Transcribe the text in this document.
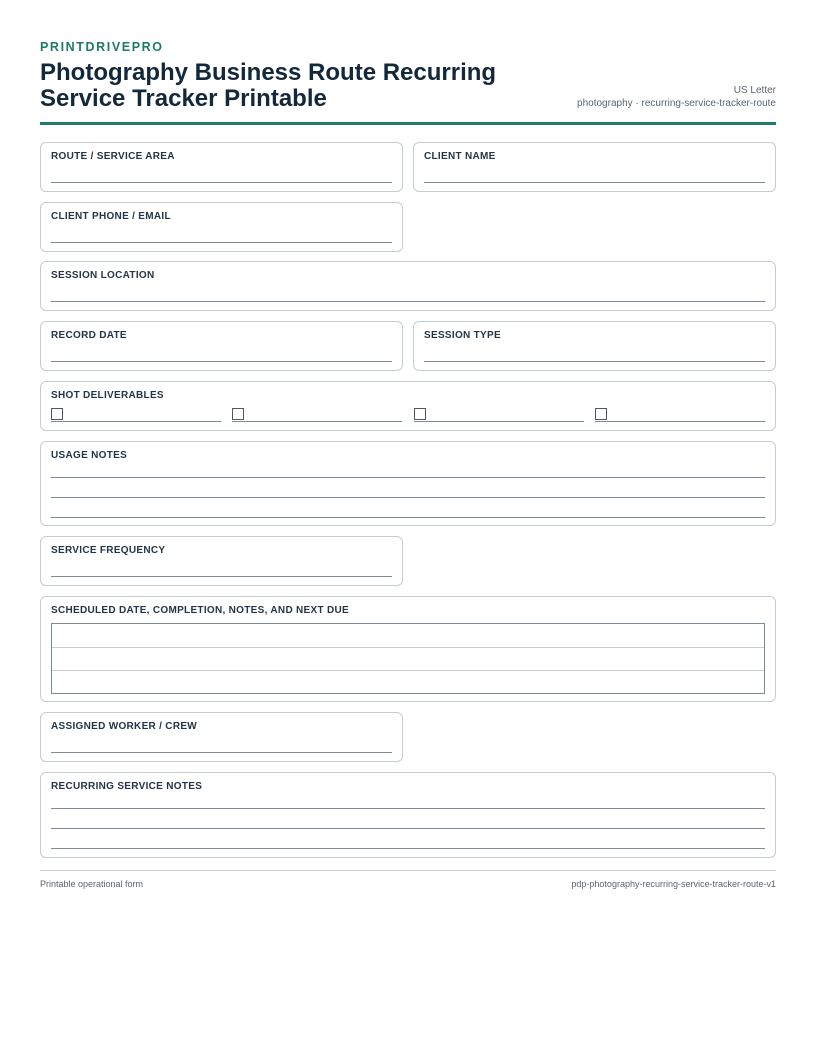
PRINTDRIVEPRO
Photography Business Route Recurring Service Tracker Printable	US Letter
photography · recurring-service-tracker-route
ROUTE / SERVICE AREA	CLIENT NAME
CLIENT PHONE / EMAIL
SESSION LOCATION
RECORD DATE	SESSION TYPE
SHOT DELIVERABLES
USAGE NOTES
SERVICE FREQUENCY
SCHEDULED DATE, COMPLETION, NOTES, AND NEXT DUE
ASSIGNED WORKER / CREW
RECURRING SERVICE NOTES
Printable operational form	pdp-photography-recurring-service-tracker-route-v1
